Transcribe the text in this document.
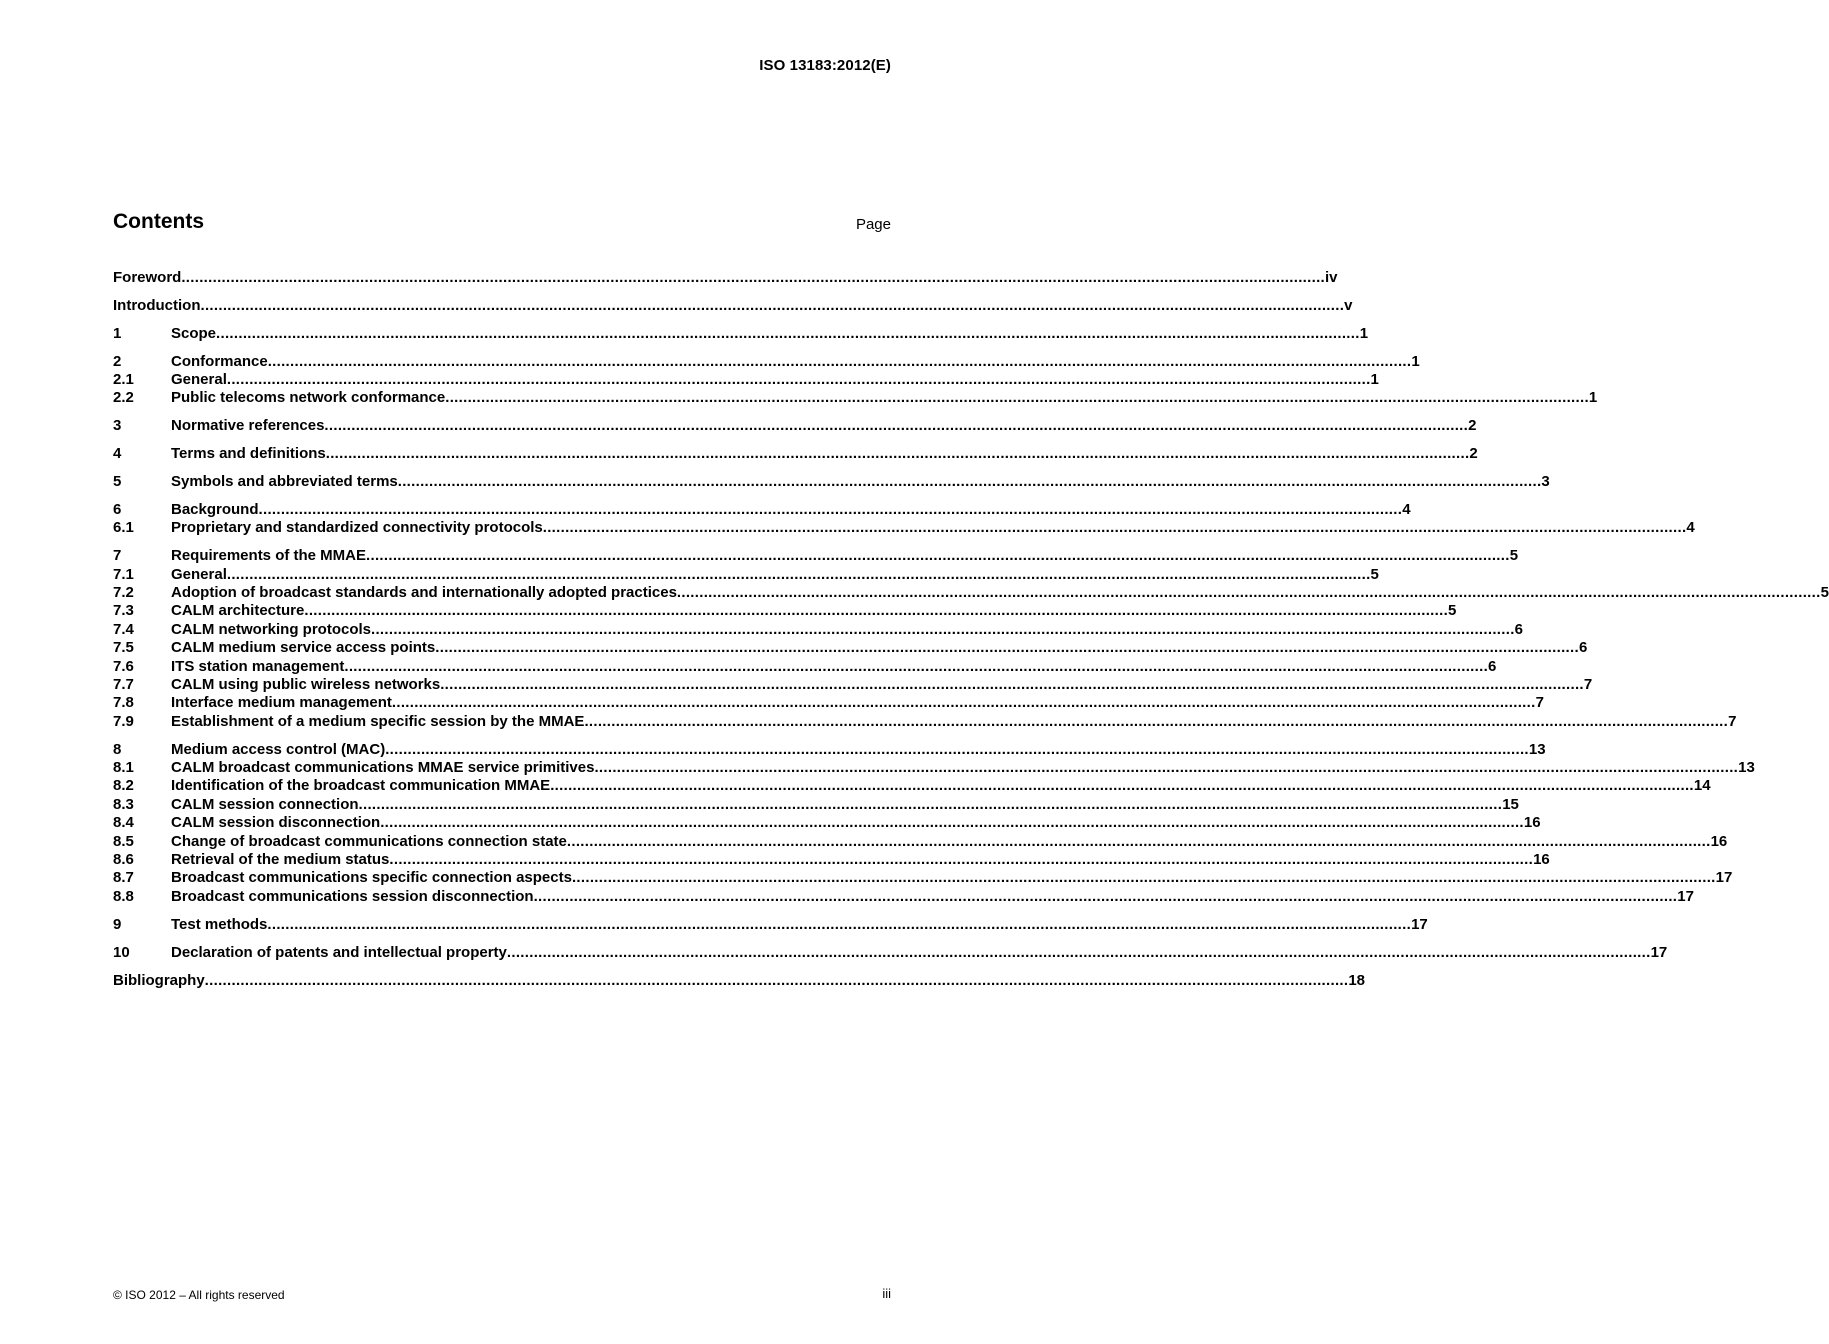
ISO 13183:2012(E)
Contents	Page
Foreword .....	iv
Introduction .....	v
1	Scope .....	1
2	Conformance .....	1
2.1	General .....	1
2.2	Public telecoms network conformance .....	1
3	Normative references .....	2
4	Terms and definitions .....	2
5	Symbols and abbreviated terms .....	3
6	Background .....	4
6.1	Proprietary and standardized connectivity protocols .....	4
7	Requirements of the MMAE .....	5
7.1	General .....	5
7.2	Adoption of broadcast standards and internationally adopted practices .....	5
7.3	CALM architecture .....	5
7.4	CALM networking protocols .....	6
7.5	CALM medium service access points .....	6
7.6	ITS station management .....	6
7.7	CALM using public wireless networks .....	7
7.8	Interface medium management .....	7
7.9	Establishment of a medium specific session by the MMAE .....	7
8	Medium access control (MAC) .....	13
8.1	CALM broadcast communications MMAE service primitives .....	13
8.2	Identification of the broadcast communication MMAE .....	14
8.3	CALM session connection .....	15
8.4	CALM session disconnection .....	16
8.5	Change of broadcast communications connection state .....	16
8.6	Retrieval of the medium status .....	16
8.7	Broadcast communications specific connection aspects .....	17
8.8	Broadcast communications session disconnection .....	17
9	Test methods .....	17
10	Declaration of patents and intellectual property .....	17
Bibliography .....	18
© ISO 2012 – All rights reserved	iii
